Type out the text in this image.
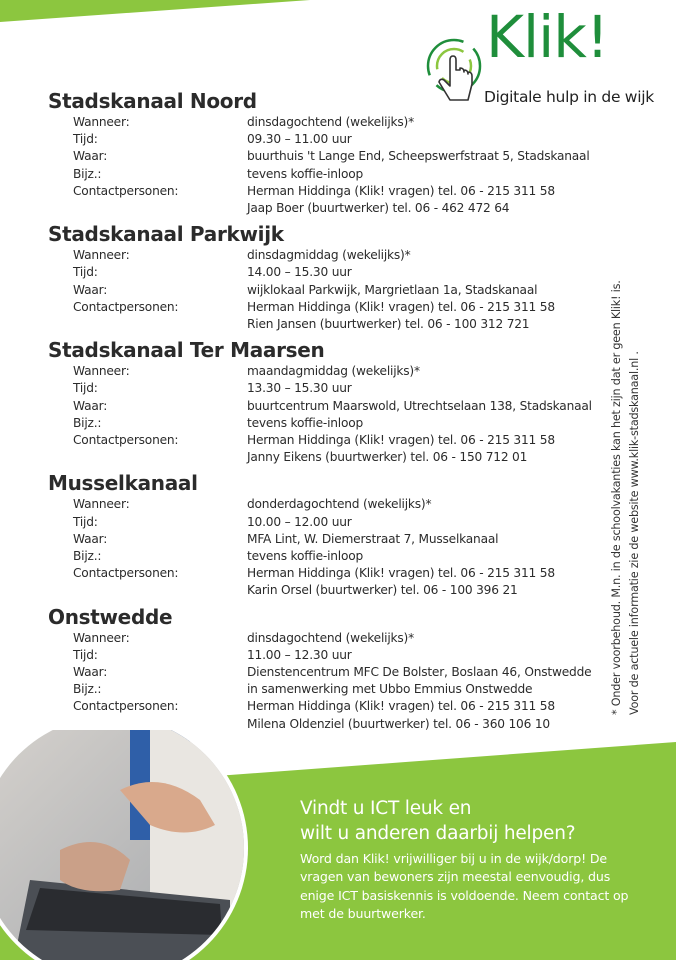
Klik!
Digitale hulp in de wijk
Stadskanaal Noord
Wanneer:	dinsdagochtend (wekelijks)*
Tijd:	09.30 – 11.00 uur
Waar:	buurthuis 't Lange End, Scheepswerfstraat 5, Stadskanaal
Bijz.:	tevens koffie-inloop
Contactpersonen:	Herman Hiddinga (Klik! vragen) tel. 06 - 215 311 58
Jaap Boer (buurtwerker) tel. 06 - 462 472 64
Stadskanaal Parkwijk
Wanneer:	dinsdagmiddag (wekelijks)*
Tijd:	14.00 – 15.30 uur
Waar:	wijklokaal Parkwijk, Margrietlaan 1a, Stadskanaal
Contactpersonen:	Herman Hiddinga (Klik! vragen) tel. 06 - 215 311 58
Rien Jansen (buurtwerker) tel. 06 - 100 312 721
Stadskanaal Ter Maarsen
Wanneer:	maandagmiddag (wekelijks)*
Tijd:	13.30 – 15.30 uur
Waar:	buurtcentrum Maarswold, Utrechtselaan 138, Stadskanaal
Bijz.:	tevens koffie-inloop
Contactpersonen:	Herman Hiddinga (Klik! vragen) tel. 06 - 215 311 58
Janny Eikens (buurtwerker) tel. 06 - 150 712 01
Musselkanaal
Wanneer:	donderdagochtend (wekelijks)*
Tijd:	10.00 – 12.00 uur
Waar:	MFA Lint, W. Diemerstraat 7, Musselkanaal
Bijz.:	tevens koffie-inloop
Contactpersonen:	Herman Hiddinga (Klik! vragen) tel. 06 - 215 311 58
Karin Orsel (buurtwerker) tel. 06 - 100 396 21
Onstwedde
Wanneer:	dinsdagochtend (wekelijks)*
Tijd:	11.00 – 12.30 uur
Waar:	Dienstencentrum MFC De Bolster, Boslaan 46, Onstwedde
Bijz.:	in samenwerking met Ubbo Emmius Onstwedde
Contactpersonen:	Herman Hiddinga (Klik! vragen) tel. 06 - 215 311 58
Milena Oldenziel (buurtwerker) tel. 06 - 360 106 10
* Onder voorbehoud. M.n. in de schoolvakanties kan het zijn dat er geen Klik! is. Voor de actuele informatie zie de website www.klik-stadskanaal.nl .
Vindt u ICT leuk en
wilt u anderen daarbij helpen?
Word dan Klik! vrijwilliger bij u in de wijk/dorp! De vragen van bewoners zijn meestal eenvoudig, dus enige ICT basiskennis is voldoende. Neem contact op met de buurtwerker.
